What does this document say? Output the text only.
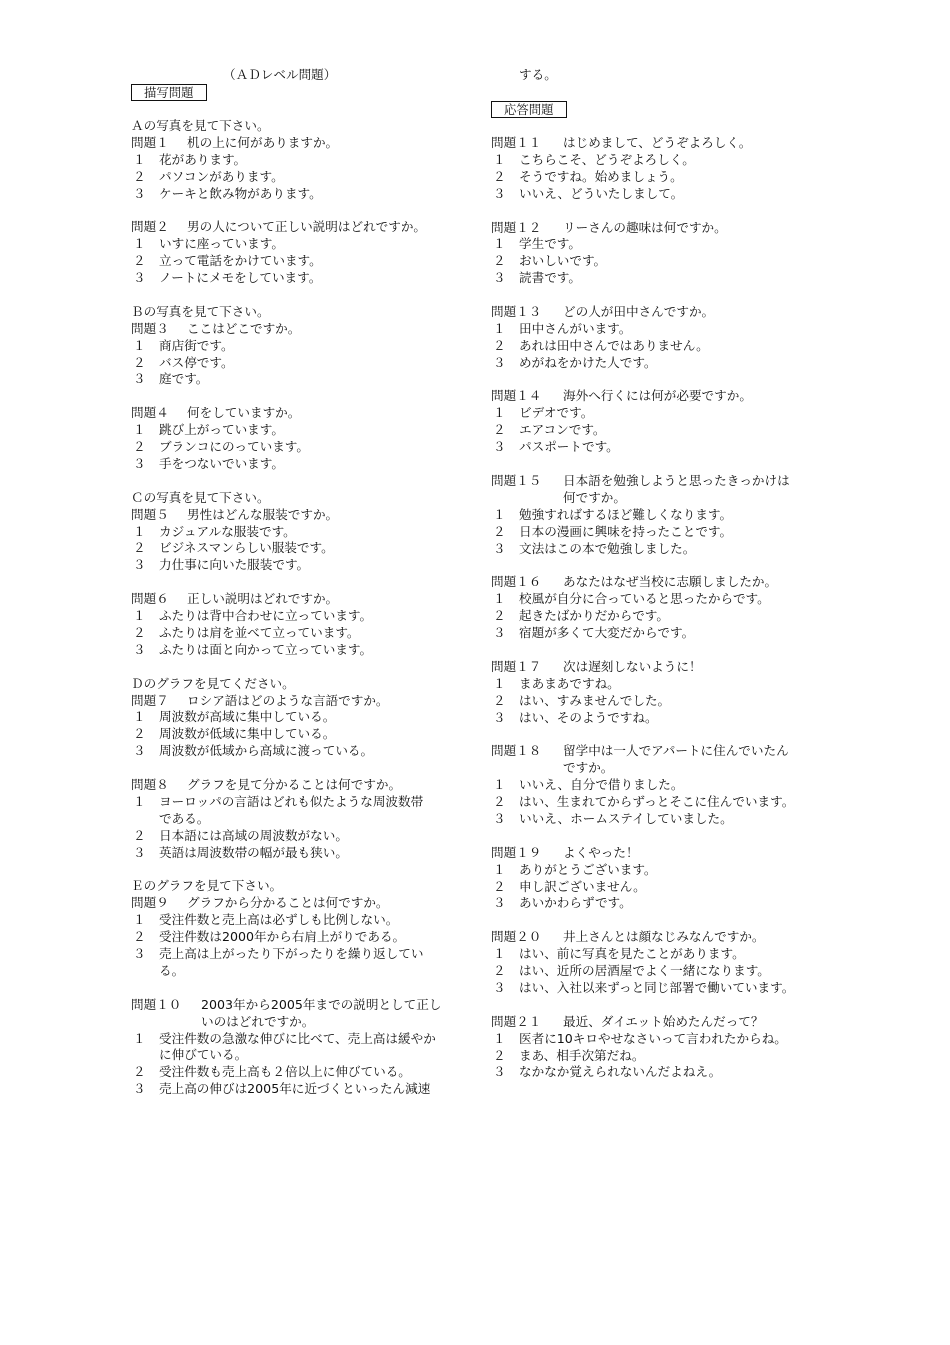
（ＡＤレベル問題）
描写問題
応答問題
Ａの写真を見て下さい。
問題１ 机の上に何がありますか。
１ 花があります。
２ パソコンがあります。
３ ケーキと飲み物があります。
問題２ 男の人について正しい説明はどれですか。
１ いすに座っています。
２ 立って電話をかけています。
３ ノートにメモをしています。
Ｂの写真を見て下さい。
問題３ ここはどこですか。
１ 商店街です。
２ バス停です。
３ 庭です。
問題４ 何をしていますか。
１ 跳び上がっています。
２ ブランコにのっています。
３ 手をつないでいます。
Ｃの写真を見て下さい。
問題５ 男性はどんな服装ですか。
１ カジュアルな服装です。
２ ビジネスマンらしい服装です。
３ 力仕事に向いた服装です。
問題６ 正しい説明はどれですか。
１ ふたりは背中合わせに立っています。
２ ふたりは肩を並べて立っています。
３ ふたりは面と向かって立っています。
Ｄのグラフを見てください。
問題７ ロシア語はどのような言語ですか。
１ 周波数が高域に集中している。
２ 周波数が低域に集中している。
３ 周波数が低域から高域に渡っている。
問題８ グラフを見て分かることは何ですか。
１ ヨーロッパの言語はどれも似たような周波数帯
である。
２ 日本語には高域の周波数がない。
３ 英語は周波数帯の幅が最も狭い。
Ｅのグラフを見て下さい。
問題９ グラフから分かることは何ですか。
１ 受注件数と売上高は必ずしも比例しない。
２ 受注件数は2000年から右肩上がりである。
３ 売上高は上がったり下がったりを繰り返してい
る。
問題１０ 2003年から2005年までの説明として正し
いのはどれですか。
１ 受注件数の急激な伸びに比べて、売上高は緩やか
に伸びている。
２ 受注件数も売上高も２倍以上に伸びている。
３ 売上高の伸びは2005年に近づくといったん減速
する。
問題１１ はじめまして、どうぞよろしく。
１ こちらこそ、どうぞよろしく。
２ そうですね。始めましょう。
３ いいえ、どういたしまして。
問題１２ リーさんの趣味は何ですか。
１ 学生です。
２ おいしいです。
３ 読書です。
問題１３ どの人が田中さんですか。
１ 田中さんがいます。
２ あれは田中さんではありません。
３ めがねをかけた人です。
問題１４ 海外へ行くには何が必要ですか。
１ ビデオです。
２ エアコンです。
３ パスポートです。
問題１５ 日本語を勉強しようと思ったきっかけは
何ですか。
１ 勉強すればするほど難しくなります。
２ 日本の漫画に興味を持ったことです。
３ 文法はこの本で勉強しました。
問題１６ あなたはなぜ当校に志願しましたか。
１ 校風が自分に合っていると思ったからです。
２ 起きたばかりだからです。
３ 宿題が多くて大変だからです。
問題１７ 次は遅刻しないように！
１ まあまあですね。
２ はい、すみませんでした。
３ はい、そのようですね。
問題１８ 留学中は一人でアパートに住んでいたん
ですか。
１ いいえ、自分で借りました。
２ はい、生まれてからずっとそこに住んでいます。
３ いいえ、ホームステイしていました。
問題１９ よくやった！
１ ありがとうございます。
２ 申し訳ございません。
３ あいかわらずです。
問題２０ 井上さんとは顔なじみなんですか。
１ はい、前に写真を見たことがあります。
２ はい、近所の居酒屋でよく一緒になります。
３ はい、入社以来ずっと同じ部署で働いています。
問題２１ 最近、ダイエット始めたんだって？
１ 医者に10キロやせなさいって言われたからね。
２ まあ、相手次第だね。
３ なかなか覚えられないんだよねえ。
